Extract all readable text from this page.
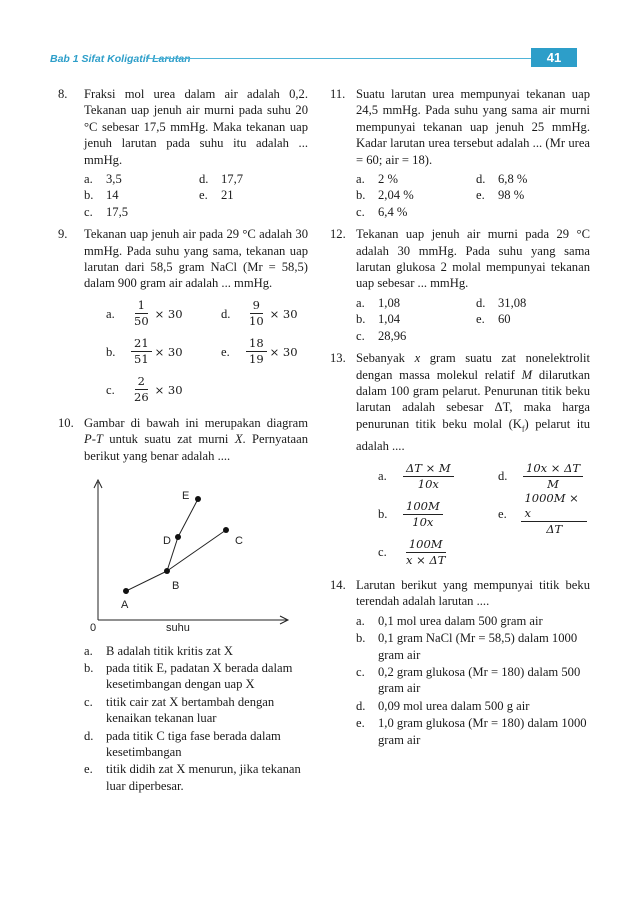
Bab 1 Sifat Koligatif Larutan	41
8. Fraksi mol urea dalam air adalah 0,2. Tekanan uap jenuh air murni pada suhu 20 °C sebesar 17,5 mmHg. Maka tekanan uap jenuh larutan pada suhu itu adalah ... mmHg.
a. 3,5	d. 17,7
b. 14	e. 21
c. 17,5
9. Tekanan uap jenuh air pada 29 °C adalah 30 mmHg. Pada suhu yang sama, tekanan uap larutan dari 58,5 gram NaCl (Mr = 58,5) dalam 900 gram air adalah ... mmHg.
a.	$\frac{1}{50} \times 30$	d.	$\frac{9}{10} \times 30$
b.	$\frac{21}{51} \times 30$	e.	$\frac{18}{19} \times 30$
c.	$\frac{2}{26} \times 30$
10. Gambar di bawah ini merupakan diagram P-T untuk suatu zat murni X. Pernyataan berikut yang benar adalah ....
A
B
C
D
E
0	suhu
a. B adalah titik kritis zat X
b. pada titik E, padatan X berada dalam kesetimbangan dengan uap X
c. titik cair zat X bertambah dengan kenaikan tekanan luar
d. pada titik C tiga fase berada dalam kesetimbangan
e. titik didih zat X menurun, jika tekanan luar diperbesar.
11. Suatu larutan urea mempunyai tekanan uap 24,5 mmHg. Pada suhu yang sama air murni mempunyai tekanan uap jenuh 25 mmHg. Kadar larutan urea tersebut adalah ... (Mr urea = 60; air = 18).
a. 2 %	d. 6,8 %
b. 2,04 %	e. 98 %
c. 6,4 %
12. Tekanan uap jenuh air murni pada 29 °C adalah 30 mmHg. Pada suhu yang sama larutan glukosa 2 molal mempunyai tekanan uap sebesar ... mmHg.
a. 1,08	d. 31,08
b. 1,04	e. 60
c. 28,96
13. Sebanyak x gram suatu zat nonelektrolit dengan massa molekul relatif M dilarutkan dalam 100 gram pelarut. Penurunan titik beku larutan adalah sebesar ΔT, maka harga penurunan titik beku molal $(K_f)$ pelarut itu adalah ....
a.	$\frac{\Delta T \times M}{10x}$	d.	$\frac{10x \times \Delta T}{M}$
b.	$\frac{100M}{10x}$	e.	$\frac{1000M \times x}{\Delta T}$
c.	$\frac{100M}{x \times \Delta T}$
14. Larutan berikut yang mempunyai titik beku terendah adalah larutan ....
a. 0,1 mol urea dalam 500 gram air
b. 0,1 gram NaCl (Mr = 58,5) dalam 1000 gram air
c. 0,2 gram glukosa (Mr = 180) dalam 500 gram air
d. 0,09 mol urea dalam 500 g air
e. 1,0 gram glukosa (Mr = 180) dalam 1000 gram air
